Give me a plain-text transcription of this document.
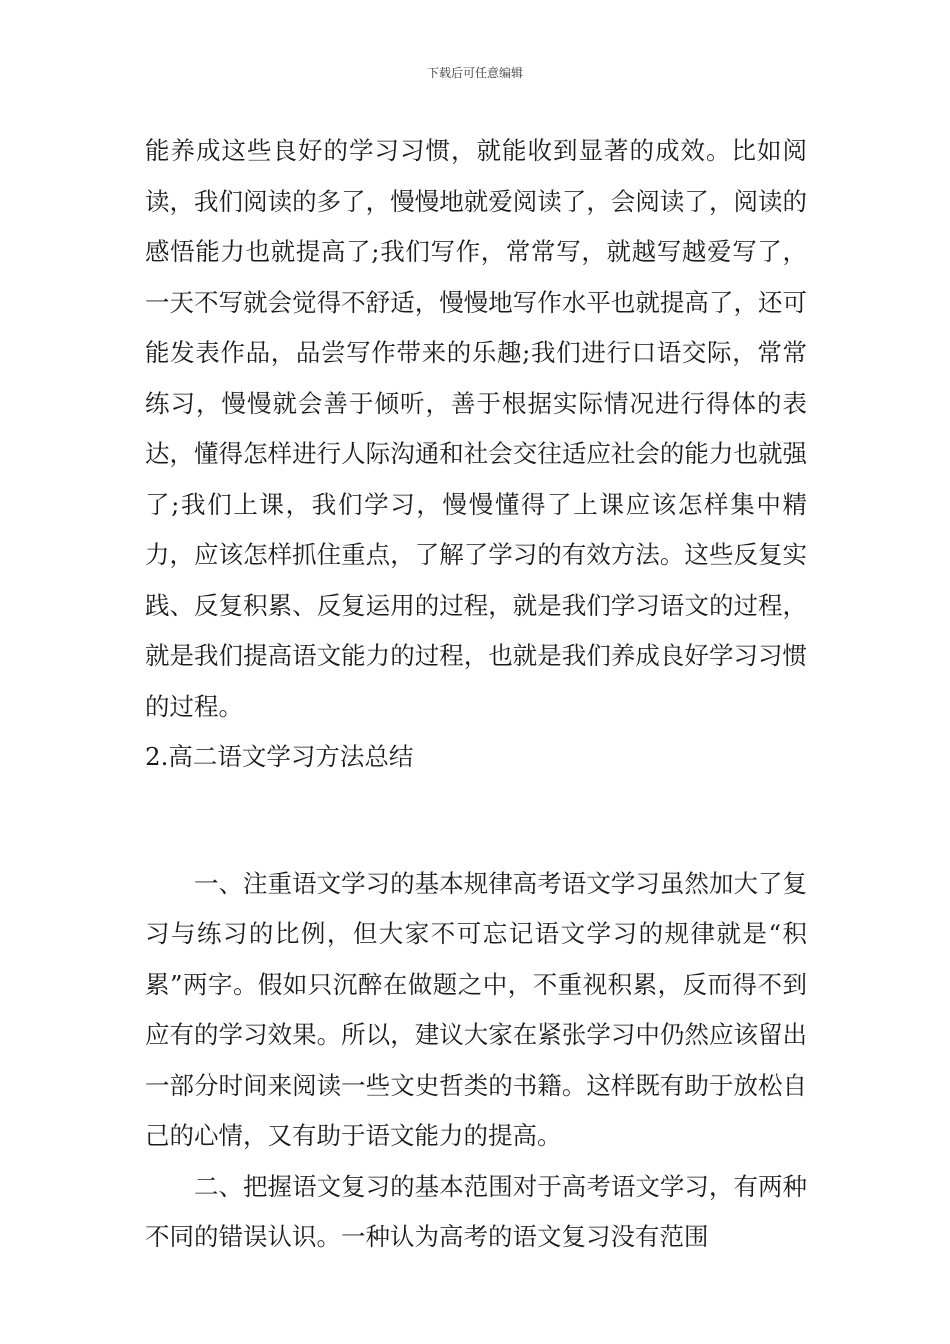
下载后可任意编辑

能养成这些良好的学习习惯，就能收到显著的成效。比如阅读，我们阅读的多了，慢慢地就爱阅读了，会阅读了，阅读的感悟能力也就提高了;我们写作，常常写，就越写越爱写了，一天不写就会觉得不舒适，慢慢地写作水平也就提高了，还可能发表作品，品尝写作带来的乐趣;我们进行口语交际，常常练习，慢慢就会善于倾听，善于根据实际情况进行得体的表达，懂得怎样进行人际沟通和社会交往适应社会的能力也就强了;我们上课，我们学习，慢慢懂得了上课应该怎样集中精力，应该怎样抓住重点，了解了学习的有效方法。这些反复实践、反复积累、反复运用的过程，就是我们学习语文的过程，就是我们提高语文能力的过程，也就是我们养成良好学习习惯的过程。

2.高二语文学习方法总结

一、注重语文学习的基本规律高考语文学习虽然加大了复习与练习的比例，但大家不可忘记语文学习的规律就是“积累”两字。假如只沉醉在做题之中，不重视积累，反而得不到应有的学习效果。所以，建议大家在紧张学习中仍然应该留出一部分时间来阅读一些文史哲类的书籍。这样既有助于放松自己的心情，又有助于语文能力的提高。

二、把握语文复习的基本范围对于高考语文学习，有两种不同的错误认识。一种认为高考的语文复习没有范围
